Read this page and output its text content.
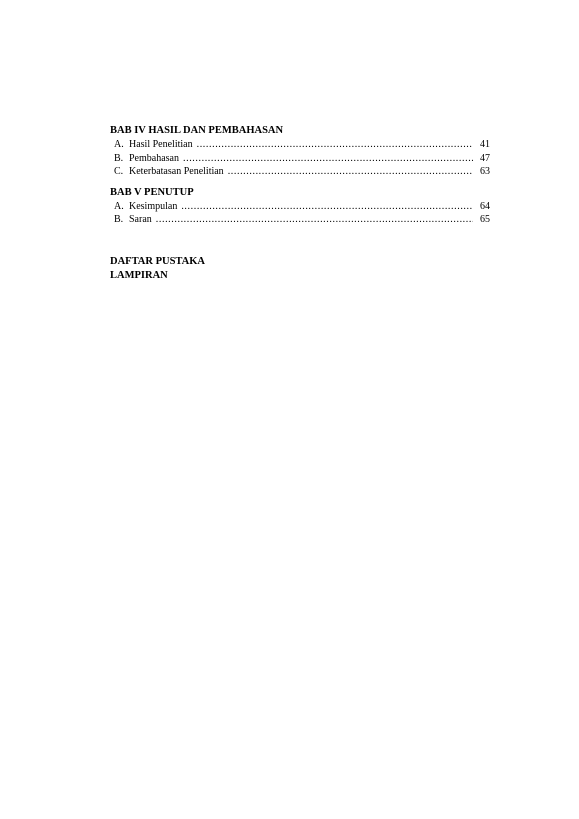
BAB IV HASIL DAN PEMBAHASAN
A. Hasil Penelitian .....	41
B. Pembahasan .....	47
C. Keterbatasan Penelitian .....	63
BAB V PENUTUP
A. Kesimpulan .....	64
B. Saran .....	65
DAFTAR PUSTAKA
LAMPIRAN
